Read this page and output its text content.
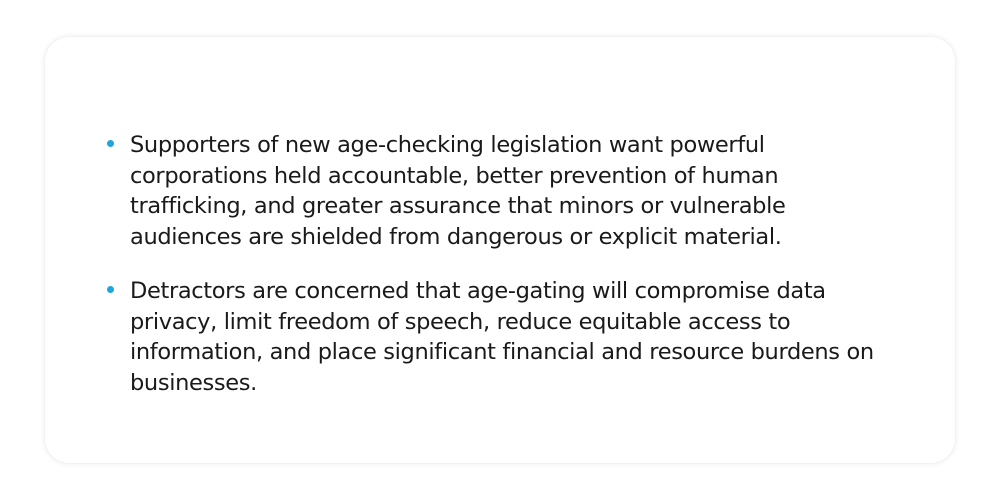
Supporters of new age-checking legislation want powerful corporations held accountable, better prevention of human trafficking, and greater assurance that minors or vulnerable audiences are shielded from dangerous or explicit material.
Detractors are concerned that age-gating will compromise data privacy, limit freedom of speech, reduce equitable access to information, and place significant financial and resource burdens on businesses.
